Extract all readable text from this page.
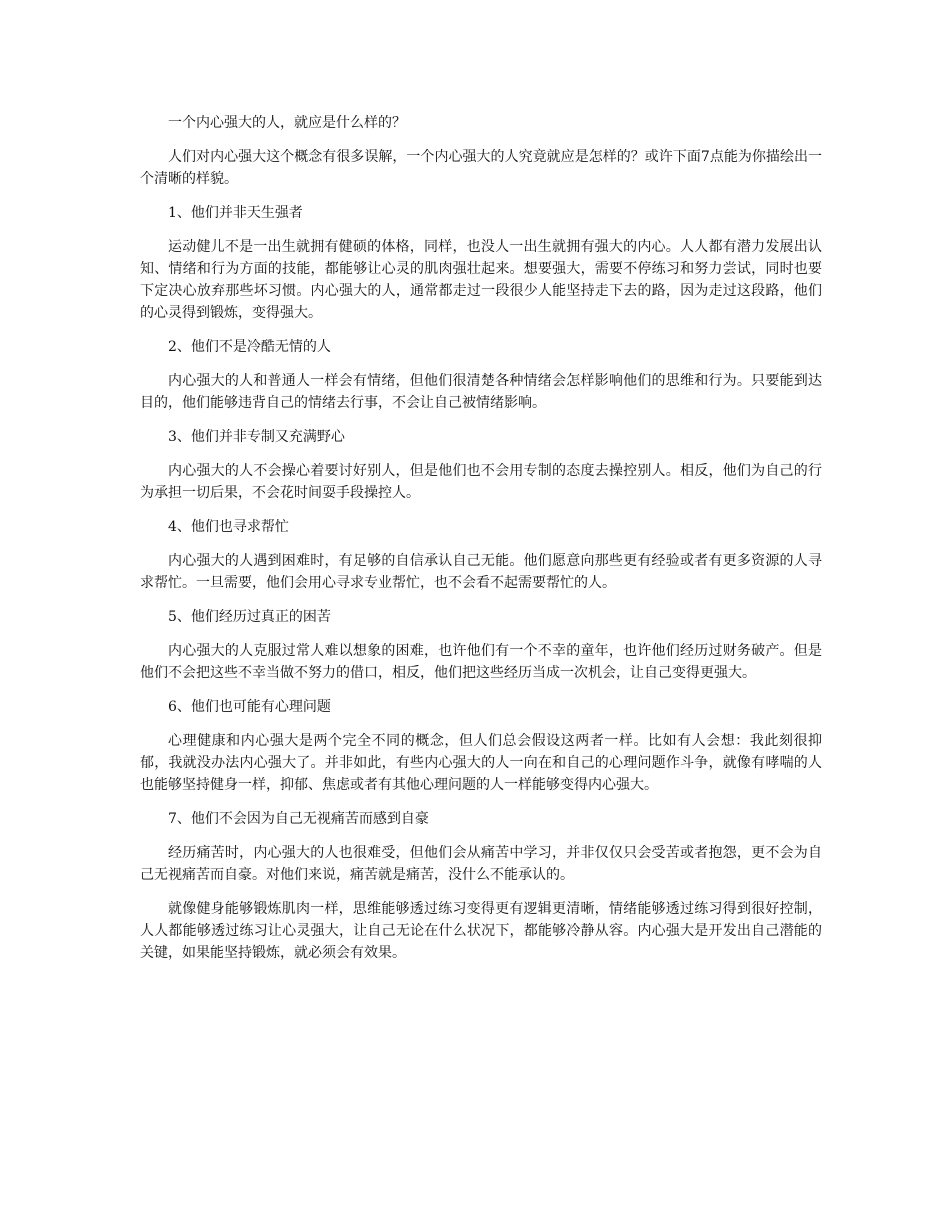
一个内心强大的人，就应是什么样的？

人们对内心强大这个概念有很多误解，一个内心强大的人究竟就应是怎样的？或许下面7点能为你描绘出一个清晰的样貌。

1、他们并非天生强者

运动健儿不是一出生就拥有健硕的体格，同样，也没人一出生就拥有强大的内心。人人都有潜力发展出认知、情绪和行为方面的技能，都能够让心灵的肌肉强壮起来。想要强大，需要不停练习和努力尝试，同时也要下定决心放弃那些坏习惯。内心强大的人，通常都走过一段很少人能坚持走下去的路，因为走过这段路，他们的心灵得到锻炼，变得强大。

2、他们不是冷酷无情的人

内心强大的人和普通人一样会有情绪，但他们很清楚各种情绪会怎样影响他们的思维和行为。只要能到达目的，他们能够违背自己的情绪去行事，不会让自己被情绪影响。

3、他们并非专制又充满野心

内心强大的人不会操心着要讨好别人，但是他们也不会用专制的态度去操控别人。相反，他们为自己的行为承担一切后果，不会花时间耍手段操控人。

4、他们也寻求帮忙

内心强大的人遇到困难时，有足够的自信承认自己无能。他们愿意向那些更有经验或者有更多资源的人寻求帮忙。一旦需要，他们会用心寻求专业帮忙，也不会看不起需要帮忙的人。

5、他们经历过真正的困苦

内心强大的人克服过常人难以想象的困难，也许他们有一个不幸的童年，也许他们经历过财务破产。但是他们不会把这些不幸当做不努力的借口，相反，他们把这些经历当成一次机会，让自己变得更强大。

6、他们也可能有心理问题

心理健康和内心强大是两个完全不同的概念，但人们总会假设这两者一样。比如有人会想：我此刻很抑郁，我就没办法内心强大了。并非如此，有些内心强大的人一向在和自己的心理问题作斗争，就像有哮喘的人也能够坚持健身一样，抑郁、焦虑或者有其他心理问题的人一样能够变得内心强大。

7、他们不会因为自己无视痛苦而感到自豪

经历痛苦时，内心强大的人也很难受，但他们会从痛苦中学习，并非仅仅只会受苦或者抱怨，更不会为自己无视痛苦而自豪。对他们来说，痛苦就是痛苦，没什么不能承认的。

就像健身能够锻炼肌肉一样，思维能够透过练习变得更有逻辑更清晰，情绪能够透过练习得到很好控制，人人都能够透过练习让心灵强大，让自己无论在什么状况下，都能够冷静从容。内心强大是开发出自己潜能的关键，如果能坚持锻炼，就必须会有效果。
